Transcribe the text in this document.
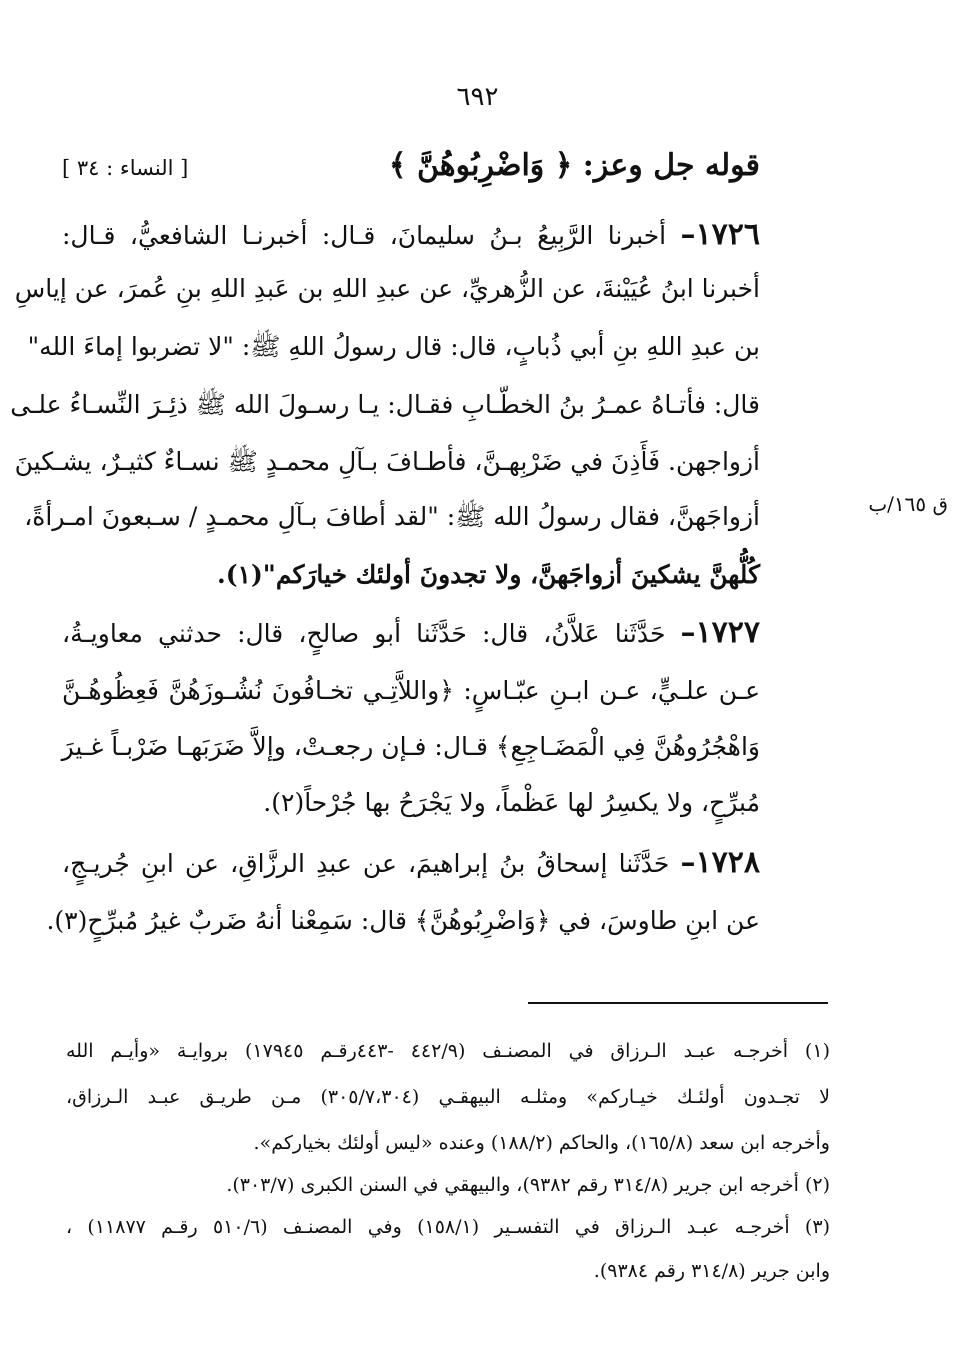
٦٩٢
قوله جل وعز: ﴿ وَاضْرِبُوهُنَّ ﴾
[ النساء : ٣٤ ]
١٧٢٦– أخبرنا الرَّبِيعُ بـنُ سليمانَ، قـال: أخبرنـا الشافعيُّ، قـال:
أخبرنا ابنُ عُيَيْنةَ، عن الزُّهريِّ، عن عبدِ اللهِ بن عَبدِ اللهِ بنِ عُمرَ، عن إياسِ
بن عبدِ اللهِ بنِ أبي ذُبابٍ، قال: قال رسولُ اللهِ ﷺ: "لا تضربوا إماءَ الله"
قال: فأتـاهُ عمـرُ بنُ الخطّـابِ فقـال: يـا رسـولَ الله ﷺ ذئِـرَ النِّسـاءُ علـى
أزواجهن. فَأَذِنَ في ضَرْبِهـنَّ، فأطـافَ بـآلِ محمـدٍ ﷺ نسـاءٌ كثيـرٌ، يشـكينَ
أزواجَهنَّ، فقال رسولُ الله ﷺ: "لقد أطافَ بـآلِ محمـدٍ / سـبعونَ امـرأةً،
كُلُّهنَّ يشكينَ أزواجَهنَّ، ولا تجدونَ أولئك خيارَكم"(١).
ق ١٦٥/ب
١٧٢٧– حَدَّثَنا عَلاَّنُ، قال: حَدَّثَنا أبو صالحٍ، قال: حدثني معاويـةُ،
عـن علـيٍّ، عـن ابـنِ عبّـاسٍ: ﴿واللاَّتِـي تخـافُونَ نُشُـوزَهُنَّ فَعِظُوهُـنَّ
وَاهْجُرُوهُنَّ فِي الْمَضَـاجِعِ﴾ قـال: فـإن رجعـتْ، وإلاَّ ضَرَبَهـا ضَرْبـاً غـيرَ
مُبرِّحٍ، ولا يكسِرُ لها عَظْماً، ولا يَجْرَحُ بها جُرْحاً(٢).
١٧٢٨– حَدَّثَنا إسحاقُ بنُ إبراهيمَ، عن عبدِ الرزَّاقِ، عن ابنِ جُريـجٍ،
عن ابنِ طاوسَ، في ﴿وَاضْرِبُوهُنَّ﴾ قال: سَمِعْنا أنهُ ضَربٌ غيرُ مُبرِّحٍ(٣).
(١) أخرجـه عبـد الـرزاق في المصنـف (٤٤٢/٩ -٤٤٣رقـم ١٧٩٤٥) بروايـة «وأيـم الله
لا تجـدون أولئـك خيـاركم» ومثلـه البيهقـي (٣٠٥/٧،٣٠٤) مـن طريـق عبـد الـرزاق،
وأخرجه ابن سعد (١٦٥/٨)، والحاكم (١٨٨/٢) وعنده «ليس أولئك بخياركم».
(٢) أخرجه ابن جرير (٣١٤/٨ رقم ٩٣٨٢)، والبيهقي في السنن الكبرى (٣٠٣/٧).
(٣) أخرجـه عبـد الـرزاق في التفسـير (١٥٨/١) وفي المصنـف (٥١٠/٦ رقـم ١١٨٧٧) ،
وابن جرير (٣١٤/٨ رقم ٩٣٨٤).
